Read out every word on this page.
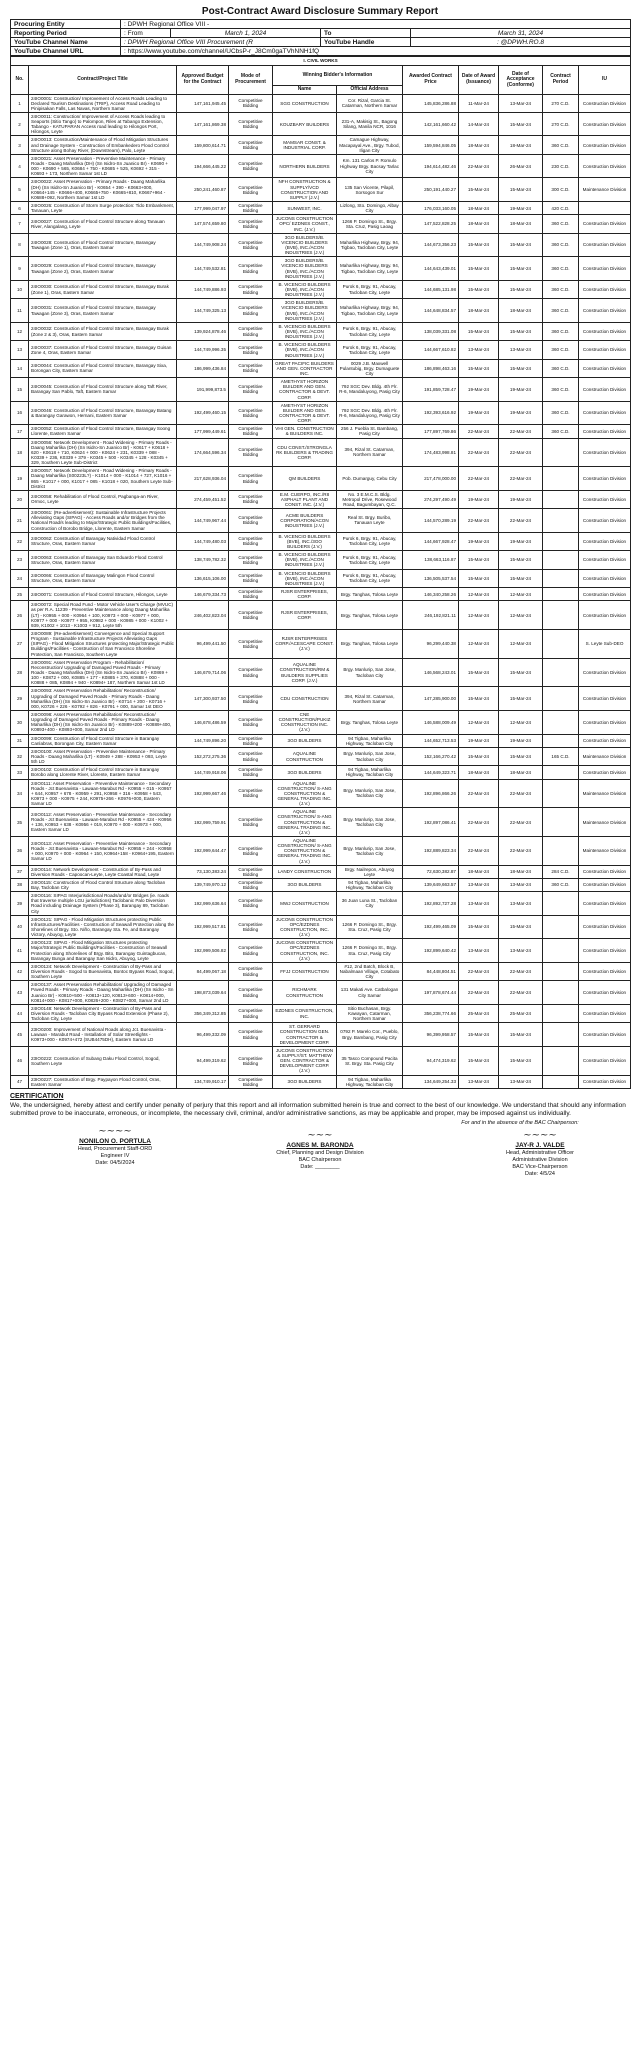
Post-Contract Award Disclosure Summary Report
Procuring Entity	: DPWH Regional Office VIII -			
Reporting Period	: From	March 1, 2024	To	March 31, 2024
YouTube Channel Name	: DPWH Regional Office VIII Procurement (R		YouTube Handle	: @DPWH.RO.8
YouTube Channel URL	: https://www.youtube.com/channel/UCbsP-r_J8Cm0gaTVhNNH1fQ			
I. CIVIL WORKS										
No.	Contract/Project Title	Approved Budget for the Contract	Mode of Procurement	Winning Bidder's Information		Awarded Contract Price	Date of Award (Issuance)	Date of Acceptance (Conforme)	Contract Period	IU
				Name	Official Address					
1	24IO0001: Construction/ Improvement of Access Roads Leading to Declared Tourism Destinations (TRIP), Access Road Leading to Pinipisakan Falls, Las Navas, Northern Samar	147,161,945.45	Competitive Bidding	SGG CONSTRUCTION	Cor. Rizal, Garcia St. Catarman, Northern Samar	145,836,286.88	11-Mar-24	13-Mar-24	270 C.D.	Construction Division
2	24IO0011: Construction/ Improvement of Access Roads leading to Seaports (Sitio Tango) to Palompon, Riles at Tabango Extension, Tabango - KATUPARAN Access road leading to Hilongos Port, Hilongos, Leyte	147,161,869.38	Competitive Bidding	KOUZBARY BUILDERS	231-A, Makisig St., Bagong Silang, Manila NCR, 1016	142,161,660.42	14-Mar-24	15-Mar-24	270 C.D.	Construction Division
3	24IO0013: Construction/Maintenance of Flood Mitigation Structures and Drainage System - Construction of Embankedero Flood Control Structure along Bohay River, (Downstream), Palo, Leyte	159,800,614.71	Competitive Bidding	MAMSAR CONST. & INDUSTRIAL CORP.	Camague Highway, Macapayal Ave., Brgy. Tubod, Iligan City	159,594,846.05	18-Mar-24	18-Mar-24	360 C.D.	Construction Division
4	24IO0021: Asset Preservation - Preventive Maintenance - Primary Roads - Daang Maharlika (DH) (Sn Isidro-Sn Juanico Br) - K0690 + 000 - K0690 + 565, K0684 + 750 - K0685 + 525, K0692 + 315 - K0693 + 173, Northern Samar 1st LD	194,666,445.22	Competitive Bidding	NORTHERN BUILDERS	Km. 131 Carlos P. Romulo Highway Brgy. Bacsay Tarlac City	194,614,482.46	22-Mar-24	26-Mar-24	230 C.D.	Construction Division
5	24IO0022: Asset Preservation - Primary Roads - Daang Maharlika (DH) (Sn Isidro-Sn Juanico Br) - K0654 + 390 - K0663+000, K0664+145 - K0666+400, K0665+750 - K0665+810, K0667+964 - K0688+092, Northern Samar 1st LD	250,241,460.87	Competitive Bidding	NFH CONSTRUCTION & SUPPLY/VCD CONSTRUCTION AND SUPPLY (J.V.)	135 San Vicente, Pilapil, Sorsogon Sur	250,191,440.27	15-Mar-24	15-Mar-24	300 C.D.	Maintenance Division
6	24IO0026: Construction of Storm Surge protection: Tido Embankment, Tanauan, Leyte	177,999,047.97	Competitive Bidding	SUNWEST, INC.	Lizlong, Sto. Domingo, Albay City	176,033,160.05	18-Mar-24	19-Mar-24	420 C.D.	
7	24IO0027: Construction of Flood Control Structure along Tanauan River, Alangalang, Leyte	147,574,659.80	Competitive Bidding	JUCONS CONSTRUCTION OPC/ EZDNES CONST., INC. (J.V.)	1266 P. Domingo St., Brgy. Sta. Cruz, Pasig Laoag	147,522,828.25	18-Mar-24	18-Mar-24	360 C.D.	Construction Division
8	24IO0028: Construction of Flood Control Structure, Barangay Tawagan (Zone 1), Oras, Eastern Samar	144,749,908.24	Competitive Bidding	3GO BUILDERS/B. VICENCIO BUILDERS (BVB), INC./ACON INDUSTRIES (J.V.)	Maharlika Highway, Brgy. 94, Tigbao, Tacloban City, Leyte	144,673,356.23	15-Mar-24	15-Mar-24	360 C.D.	Construction Division
9	24IO0029: Construction of Flood Control Structure, Barangay Tawagan (Zone 2), Oras, Eastern Samar	144,749,532.81	Competitive Bidding	3GO BUILDERS/B. VICENCIO BUILDERS (BVB), INC./ACON INDUSTRIES (J.V.)	Maharlika Highway, Brgy. 94, Tigbao, Tacloban City, Leyte	144,643,439.01	15-Mar-24	15-Mar-24	360 C.D.	Construction Division
10	24IO0030: Construction of Flood Control Structure, Barangay Burak (Zone 1), Oras, Eastern Samar	144,749,886.93	Competitive Bidding	B. VICENCIO BUILDERS (BVB), INC./ACON INDUSTRIES (J.V.)	Purok 6, Brgy. 91, Abucay, Tacloban City, Leyte	144,685,131.98	15-Mar-24	15-Mar-24	360 C.D.	Construction Division
11	24IO0031: Construction of Flood Control Structure, Barangay Tawagan (Zone 3), Oras, Eastern Samar	144,749,325.13	Competitive Bidding	3GO BUILDERS/B. VICENCIO BUILDERS (BVB), INC./ACON INDUSTRIES (J.V.)	Maharlika Highway, Brgy. 94, Tigbao, Tacloban City, Leyte	144,648,834.57	18-Mar-24	18-Mar-24	360 C.D.	Construction Division
12	24IO0032: Construction of Flood Control Structure, Barangay Burak (Zone 2 & 3), Oras, Eastern Samar	139,924,878.46	Competitive Bidding	B. VICENCIO BUILDERS (BVB), INC./ACON INDUSTRIES (J.V.)	Purok 6, Brgy. 91, Abucay, Tacloban City, Leyte	138,039,331.08	15-Mar-24	15-Mar-24	360 C.D.	Construction Division
13	24IO0037: Construction of Flood Control Structure, Barangay Guisan Zone 4, Oras, Eastern Samar	144,749,996.35	Competitive Bidding	B. VICENCIO BUILDERS (BVB), INC./ACON INDUSTRIES (J.V.)	Purok 6, Brgy. 91, Abucay, Tacloban City, Leyte	144,667,610.82	13-Mar-24	13-Mar-24	360 C.D.	Construction Division
14	24IO0044: Construction of Flood Control Structure, Barangay Sixa, Borongan City, Eastern Samar	186,999,436.84	Competitive Bidding	GREAT PACIFIC BUILDERS AND GEN. CONTRACTOR INC.	0029 J.B. Maxwell Pulantubig, Brgy. Dumaguete City	186,898,463.16	15-Mar-24	15-Mar-24	360 C.D.	Construction Division
15	24IO0045: Construction of Flood Control Structure along Taft River, Barangay San Pablo, Taft, Eastern Samar	191,999,873.5	Competitive Bidding	AMETHYST HORIZON BUILDER AND GEN. CONTRACTOR & DEVT. CORP.	792 SGC Dev. Bldg. 4th Flr. R-6, Mandaluyong, Pasig City	191,859,728.47	19-Mar-24	19-Mar-24	360 C.D.	Construction Division
16	24IO0046: Construction of Flood Control Structure, Barangay Batang & Barangay Garawon, Hernani, Eastern Samar	192,499,460.15	Competitive Bidding	AMETHYST HORIZON BUILDER AND GEN. CONTRACTOR & DEVT. CORP.	792 SGC Dev. Bldg. 4th Flr. R-6, Mandaluyong, Pasig City	192,393,616.92	19-Mar-24	19-Mar-24	360 C.D.	Construction Division
17	24IO0052: Construction of Flood Control Structure, Barangay Soong Llorente, Eastern Samar	177,999,449.61	Competitive Bidding	VHI GEN. CONSTRUCTION & BUILDERS INC.	256 J. Puebla St. Bambang, Pasig City	177,897,769.86	22-Mar-24	22-Mar-24	360 C.D.	Construction Division
18	24IO0056: Network Development - Road Widening - Primary Roads - Daang Maharlika (DH) (Sn Isidro-Sn Juanico Br) - K0617 + K0618 + 620 - K0618 + 710, K0624 + 000 - K0624 + 231, K0339 + 088 - K0339 + 236, K0339 + 379 - K0345 + 500 - K0345 + 128 - K0345 + 329, Southern Leyte Sub-District	174,664,596.34	Competitive Bidding	CDU CONST./STRONGLA RK BUILDERS & TRADING CORP.	394, Rizal St. Catarman, Northern Samar	174,483,998.81	22-Mar-24	22-Mar-24		Construction Division
19	24IO0057: Network Development - Road Widening - Primary Roads - Daang Maharlika (S00223L?) - K1014 + 000 - K1014 + 727, K1016 + 865 - K1017 + 000, K1017 + 085 - K1018 + 020, Southern Leyte Sub-District	217,628,936.04	Competitive Bidding	QM BUILDERS	Pob. Dumarguy, Cebu City	217,478,000.00	22-Mar-24	22-Mar-24		Construction Division
20	24IO0058: Rehabilitation of Flood Control, Pagbanga-an River, Ormoc, Leyte	274,459,451.52	Competitive Bidding	E.M. CUERPO, INC./R8 ASPHALT PLANT AND CONST. INC. (J.V.)	No. 3 E.M.C.S. Bldg. Metropol Drive, Rosewood Road, Bagumbayan, Q.C.	274,297,490.49	19-Mar-24	19-Mar-24		Construction Division
21	24IO0061: (Re-advertisement): Sustainable Infrastructure Projects Alleviating Gaps (SIPAG) - Access Roads and/or Bridges from the National Road/s leading to Major/Strategic Public Buildings/Facilities, Construction of Borobo Bridge, Llorente, Eastern Samar	144,749,967.44	Competitive Bidding	ACME BUILDERS CORPORATION/ACON INDUSTRIES (J.V.)	Real St. Brgy. Buribo, Tanauan Leyte	144,570,289.19	22-Mar-24	22-Mar-24		Construction Division
22	24IO0062: Construction of Barangay Natividad Flood Control Structure, Oras, Eastern Samar	144,749,480.03	Competitive Bidding	B. VICENCIO BUILDERS (BVB), INC./3GO BUILDERS (J.V.)	Purok 6, Brgy. 91, Abucay, Tacloban City, Leyte	144,667,928.47	19-Mar-24	19-Mar-24		Construction Division
23	24IO0063: Construction of Barangay San Eduardo Flood Control Structure, Oras, Eastern Samar	138,749,782.32	Competitive Bidding	B. VICENCIO BUILDERS (BVB), INC./ACON INDUSTRIES (J.V.)	Purok 6, Brgy. 91, Abucay, Tacloban City, Leyte	138,663,116.87	15-Mar-24	15-Mar-24		Construction Division
24	24IO0066: Construction of Barangay Malingon Flood Control Structure, Oras, Eastern Samar	136,615,106.00	Competitive Bidding	B. VICENCIO BUILDERS (BVB), INC./ACON INDUSTRIES (J.V.)	Purok 6, Brgy. 91, Abucay, Tacloban City, Leyte	136,505,537.54	15-Mar-24	15-Mar-24		Construction Division
25	24IO0071: Construction of Flood Control Structure, Hilongos, Leyte	146,679,334.73	Competitive Bidding	RJSR ENTERPRISES, CORP.	Brgy. Tanghas, Tolosa Leyte	146,340,258.26	12-Mar-24	12-Mar-24		Construction Division
26	24IO0072: Special Road Fund - Motor Vehicle User's Charge (MVUC) as per R.A. 11239 - Preventive Maintenance along Daang Maharlika (LT) - K0955 + 000 - K0964 + 100, K0973 + 000 - K0977 + 000, K0977 + 000 - K0977 + 955, K0982 + 000 - K0985 + 000 - K1002 + 939, K1002 + 1013 - K1003 + 912, Leyte 5th	246,402,823.04	Competitive Bidding	RJSR ENTERPRISES, CORP.	Brgy. Tanghas, Tolosa Leyte	246,192,821.11	12-Mar-24	12-Mar-24		Construction Division
27	24IO0089: (Re-advertisement) Convergence and Special Support Program - Sustainable Infrastructure Projects Alleviating Gaps (SIPAG) - Flood Mitigation Structures protecting Major/Strategic Public Buildings/Facilities - Construction of San Francisco Shoreline Protection, San Francisco, Southern Leyte	96,499,441.50	Competitive Bidding	RJSR ENTERPRISES CORP./ACESCAPE CONST. (J.V.)	Brgy. Tanghas, Tolosa Leyte	96,299,440.38	12-Mar-24	12-Mar-24		S. Leyte Sub-DEO
28	24IO0091: Asset Preservation Program - Rehabilitation/ Reconstruction/ Upgrading of Damaged Paved Roads - Primary Roads - Daang Maharlika (DH) (Sn Isidro-Sn Juanico Br) - K0869 + 100 - K0872 + 000, K0885 + 177 - K0885 + 370, K0888 + 000 - K0888 + 085, K0894 + 940 - K0894+ 187, Northern Samar 1st LD	146,679,714.06	Competitive Bidding	AQUALINE CONSTRUCTION/RM & BUILDERS SUPPLIES CORP. (J.V.)	Brgy. Manlurip, San Jose, Tacloban City	146,568,243.01	15-Mar-24	15-Mar-24		Construction Division
29	24IO0093: Asset Preservation Rehabilitation/ Reconstruction/ Upgrading of Damaged Paved Roads - Primary Roads - Daang Maharlika (DH) (Sn Isidro-Sn Juanico Br) - K0714 + 200 - K0716 + 000, K0726 + 226 - K0792 + 826 - K0791 + 000, Samar 1st DEO	147,300,937.50	Competitive Bidding	CDU CONSTRUCTION	394, Rizal St. Catarman, Northern Samar	147,285,900.00	15-Mar-24	15-Mar-24		Construction Division
30	24IO0098: Asset Preservation Rehabilitation/ Reconstruction/ Upgrading of Damaged Paved Roads - Primary Roads - Daang Maharlika (DH) (Sn Isidro-Sn Juanico Br) - K0889+200 - K0889+400, K0893+400 - K0893+000, Samar 2nd LD	146,678,486.59	Competitive Bidding	CNE CONSTRUCTION/PUKIZ CONSTRUCTION INC. (J.V.)	Brgy. Tanghas, Tolosa Leyte	146,588,009.49	12-Mar-24	12-Mar-24		Construction Division
31	24IO0099: Construction of Flood Control Structure in Barangay Canlabras, Borongan City, Eastern Samar	144,749,896.20	Competitive Bidding	3GO BUILDERS	94 Tigbao, Maharlika Highway, Tacloban City	144,652,713.53	19-Mar-24	19-Mar-24		Construction Division
32	24IO0100: Asset Preservation - Preventive Maintenance - Primary Roads - Daang Maharlika (LT) - K0949 + 288 - K0953 + 093, Leyte 5th LD	152,272,275.36	Competitive Bidding	AQUALINE CONSTRUCTION	Brgy. Manlurip, San Jose, Tacloban City	152,166,270.42	15-Mar-24	15-Mar-24	165 C.D.	Maintenance Division
33	24IO0102: Construction of Flood Control Structure in Barangay Borobo along Llorente River, Llorente, Eastern Samar	144,749,918.06	Competitive Bidding	3GO BUILDERS	94 Tigbao, Maharlika Highway, Tacloban City	144,649,323.71	18-Mar-24	18-Mar-24		Construction Division
34	24IO0111: Asset Preservation - Preventive Maintenance - Secondary Roads - Jct Buenavista - Lawaan-Marabut Rd - K0955 + 015 - K0957 + 644, K0957 + 678 - K0959 + 291, K0958 + 316 - K0958 + 543, K0973 + 000 - K0975 + 244, K0975+266 - K0976+000, Eastern Samar LD	192,999,667.46	Competitive Bidding	AQUALINE CONSTRUCTION/ S-ANG CONSTRUCTION & GENERAL TRADING INC. (J.V.)	Brgy. Manlurip, San Jose, Tacloban City	192,896,866.26	22-Mar-24	22-Mar-24		Maintenance Division
35	24IO0112: Asset Preservation - Preventive Maintenance - Secondary Roads - Jct Buenavista - Lawaan-Marabut Rd - K0955 + 424 - K0956 + 136, K0953 + 638 - K0956 + 019, K0970 + 000 - K0973 + 000, Eastern Samar LD	192,999,759.91	Competitive Bidding	AQUALINE CONSTRUCTION/ S-ANG CONSTRUCTION & GENERAL TRADING INC. (J.V.)	Brgy. Manlurip, San Jose, Tacloban City	192,897,086.41	22-Mar-24	22-Mar-24		Maintenance Division
36	24IO0113: Asset Preservation - Preventive Maintenance - Secondary Roads - Jct Buenavista - Lawaan-Marabut Rd - K0955 + 244 - K0958 + 000, K0970 + 000 - K0964 + 150, K0964+158 - K0964+195, Eastern Samar LD	192,999,644.47	Competitive Bidding	AQUALINE CONSTRUCTION/ S-ANG CONSTRUCTION & GENERAL TRADING INC. (J.V.)	Brgy. Manlurip, San Jose, Tacloban City	192,889,823.34	22-Mar-24	22-Mar-24		Maintenance Division
37	24IO0114: Network Development - Construction of By-Pass and Diversion Roads - Capoocan-Leyte, Leyte Coastal Road, Leyte	73,130,383.24	Competitive Bidding	LANDY CONSTRUCTION	Brgy. Nailrepon, Abuyog Leyte	72,630,382.87	18-Mar-24	18-Mar-24	284 C.D.	Construction Division
38	24IO0115: Construction of Flood Control Structure along Tacloban Bay, Tacloban City	139,749,970.12	Competitive Bidding	3GO BUILDERS	94 Tigbao, Maharlika Highway, Tacloban City	139,649,663.57	13-Mar-24	13-Mar-24	360 C.D.	Construction Division
39	24IO0116: SIPAG Interjurisdictional Roads/and/or Bridges (ie. roads that traverse multiple LGU jurisdictions) Taclobanic Palo Diversion Road including Drainage System (Phase 3), Barangay 89, Tacloban City	192,999,636.64	Competitive Bidding	MWJ CONSTRUCTION	36 Juan Luna St., Tacloban City	192,892,727.28	13-Mar-24	13-Mar-24		Construction Division
40	24IO0121: SIPAG - Flood Mitigation Structures protecting Public Infrastructures/Facilities - Construction of Seawall Protection along the Shorelines of Brgy. Sto. Niño, Barangay Sta. Fe, and Barangay Victory, Abuyog, Leyte	192,999,517.81	Competitive Bidding	JUCONS CONSTRUCTION OPC/EZDNES CONSTRUCTION, INC. (J.V.)	1266 P. Domingo St., Brgy. Sta. Cruz, Pasig City	192,499,465.09	15-Mar-24	15-Mar-24		Construction Division
41	24IO0123: SIPAG - Flood Mitigation Structures protecting Major/Strategic Public Buildings/Facilities - Construction of Seawall Protection along Shorelines of Brgy. Bito, Barangay Guintagbucan, Barangay Bunga and Barangay San Isidro, Abuyog, Leyte	192,999,506.82	Competitive Bidding	JUCONS CONSTRUCTION OPC/EZDNES CONSTRUCTION, INC. (J.V.)	1266 P. Domingo St., Brgy. Sta. Cruz, Pasig City	192,899,640.42	13-Mar-24	13-Mar-24		Construction Division
42	24IO0124: Network Development - Construction of By-Pass and Diversion Roads - Sogod to Buenavista, Bontoc Bypass Road, Sogod, Southern Leyte	84,499,067.18	Competitive Bidding	FFJJ CONSTRUCTION	#12, 2nd Batch, Block B, Nabalmaan Village, Cotabato City	84,448,804.51	22-Mar-24	22-Mar-24		Construction Division
43	24IO0137: Asset Preservation Rehabilitation/ Upgrading of Damaged Paved Roads - Primary Roads - Daang Maharlika (DH) (Sn Isidro - Sn Juanico Br) - K0810+500 - K0813+120, K0813+600 - K0814+000, K0814+000 - K0817+000, K0826+200 - K0827+000, Samar 2nd LD	198,873,039.64	Competitive Bidding	RICHMARK CONSTRUCTION	131 Makati Ave. Catbalogan City Samar	197,878,674.44	22-Mar-24	22-Mar-24		Construction Division
44	24IO0148: Network Development - Construction of By-Pass and Diversion Roads - Tacloban City Bypass Road Extension (Phase 2), Tacloban City, Leyte	356,349,312.85	Competitive Bidding	EZDNES CONSTRUCTION, INC.	Sitio Buchasan, Brgy. Kawayan, Catarman, Northern Samar	356,238,774.66	25-Mar-24	25-Mar-24		Construction Division
45	23IO0200: Improvement of National Roads along Jct. Buenavista - Lawaan - Marabut Road - Installation of Solar Streetlights - K0973+000 - K0974+472 (SUB4475DH), Eastern Samar LD	96,499,332.09	Competitive Bidding	ST. GERRARD CONSTRUCTION GEN. CONTRACTOR & DEVELOPMENT CORP.	0792 P. Marelo Cor., Pueblo, Brgy. Bambang, Pasig City	96,399,958.57	15-Mar-24	15-Mar-24		Construction Division
46	23IO0222: Construction of Subang Daku Flood Control, Sogod, Southern Leyte	94,499,319.62	Competitive Bidding	JUCONS CONSTRUCTION & SUPPLY/ST. MATTHEW GEN. CONTRACTOR & DEVELOPMENT CORP. (J.V.)	35 Tasco Compound Pacita St. Brgy. Sta. Pasig City	94,474,319.62	15-Mar-24	15-Mar-24		Construction Division
47	23IO0227: Construction of Brgy. Paypayon Flood Control, Oras, Eastern Samar	134,749,910.17	Competitive Bidding	3GO BUILDERS	94 Tigbao, Maharlika Highway, Tacloban City	134,649,254.33	13-Mar-24	13-Mar-24		Construction Division
CERTIFICATION
We, the undersigned, hereby attest and certify under penalty of perjury that this report and all information submitted herein is true and correct to the best of our knowledge. We understand that should any information submitted prove to be inaccurate, erroneous, or incomplete, the necessary civil, criminal, and/or administrative sanctions, as may be applicable and proper, may be imposed against us individually.
For and in the absence of the BAC Chairperson:
~~~~
NONILON O. PORTULA
Head, Procurement Staff-ORD
Engineer IV
Date: 04/5/2024
~~~
AGNES M. BARONDA
Chief, Planning and Design Division
BAC Chairperson
Date: ________
~~~~
JAY-R J. VALDE
Head, Administrative Officer
Administrative Division
BAC Vice-Chairperson
Date: 4/5/24
